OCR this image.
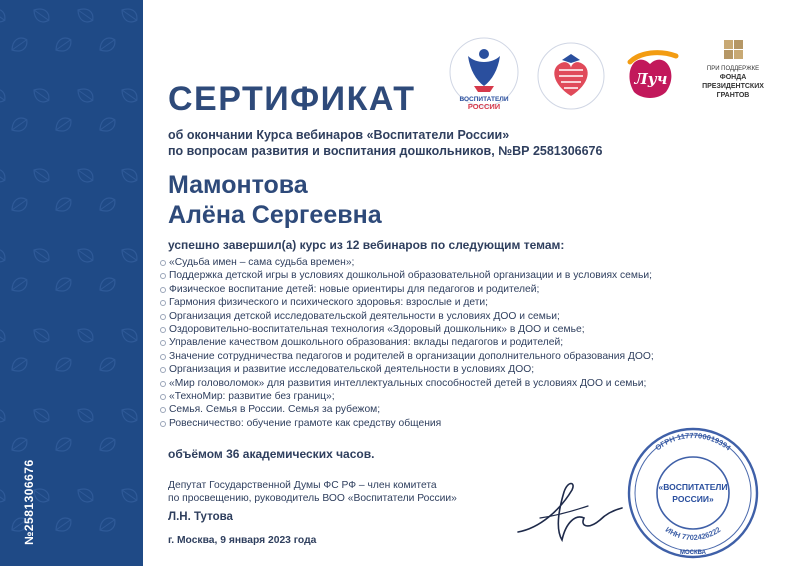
№2581306676
ВОСПИТАТЕЛИ
РОССИИ
Луч
ПРИ ПОДДЕРЖКЕ
ФОНДА
ПРЕЗИДЕНТСКИХ
ГРАНТОВ
СЕРТИФИКАТ
об окончании Курса вебинаров «Воспитатели России»
по вопросам развития и воспитания дошкольников, №ВР 2581306676
Мамонтова
Алёна Сергеевна
успешно завершил(а) курс из 12 вебинаров по следующим темам:
«Судьба имен – сама судьба времен»;
Поддержка детской игры в условиях дошкольной образовательной организации и в условиях семьи;
Физическое воспитание детей: новые ориентиры для педагогов и родителей;
Гармония физического и психического здоровья: взрослые и дети;
Организация детской исследовательской деятельности в условиях ДОО и семьи;
Оздоровительно-воспитательная технология «Здоровый дошкольник» в ДОО и семье;
Управление качеством дошкольного образования: вклады педагогов и родителей;
Значение сотрудничества педагогов и родителей в организации дополнительного образования ДОО;
Организация и развитие исследовательской деятельности в условиях ДОО;
«Мир головоломок» для развития интеллектуальных способностей детей в условиях ДОО и семьи;
«ТехноМир: развитие без границ»;
Семья. Семья в России. Семья за рубежом;
Ровесничество: обучение грамоте как средству общения
объёмом 36 академических часов.
Депутат Государственной Думы ФС РФ – член комитета
по просвещению, руководитель ВОО «Воспитатели России»
Л.Н. Тутова
г. Москва, 9 января 2023 года
ОГРН 1177700019394
ИНН 7702426222
«ВОСПИТАТЕЛИ
РОССИИ»
МОСКВА
